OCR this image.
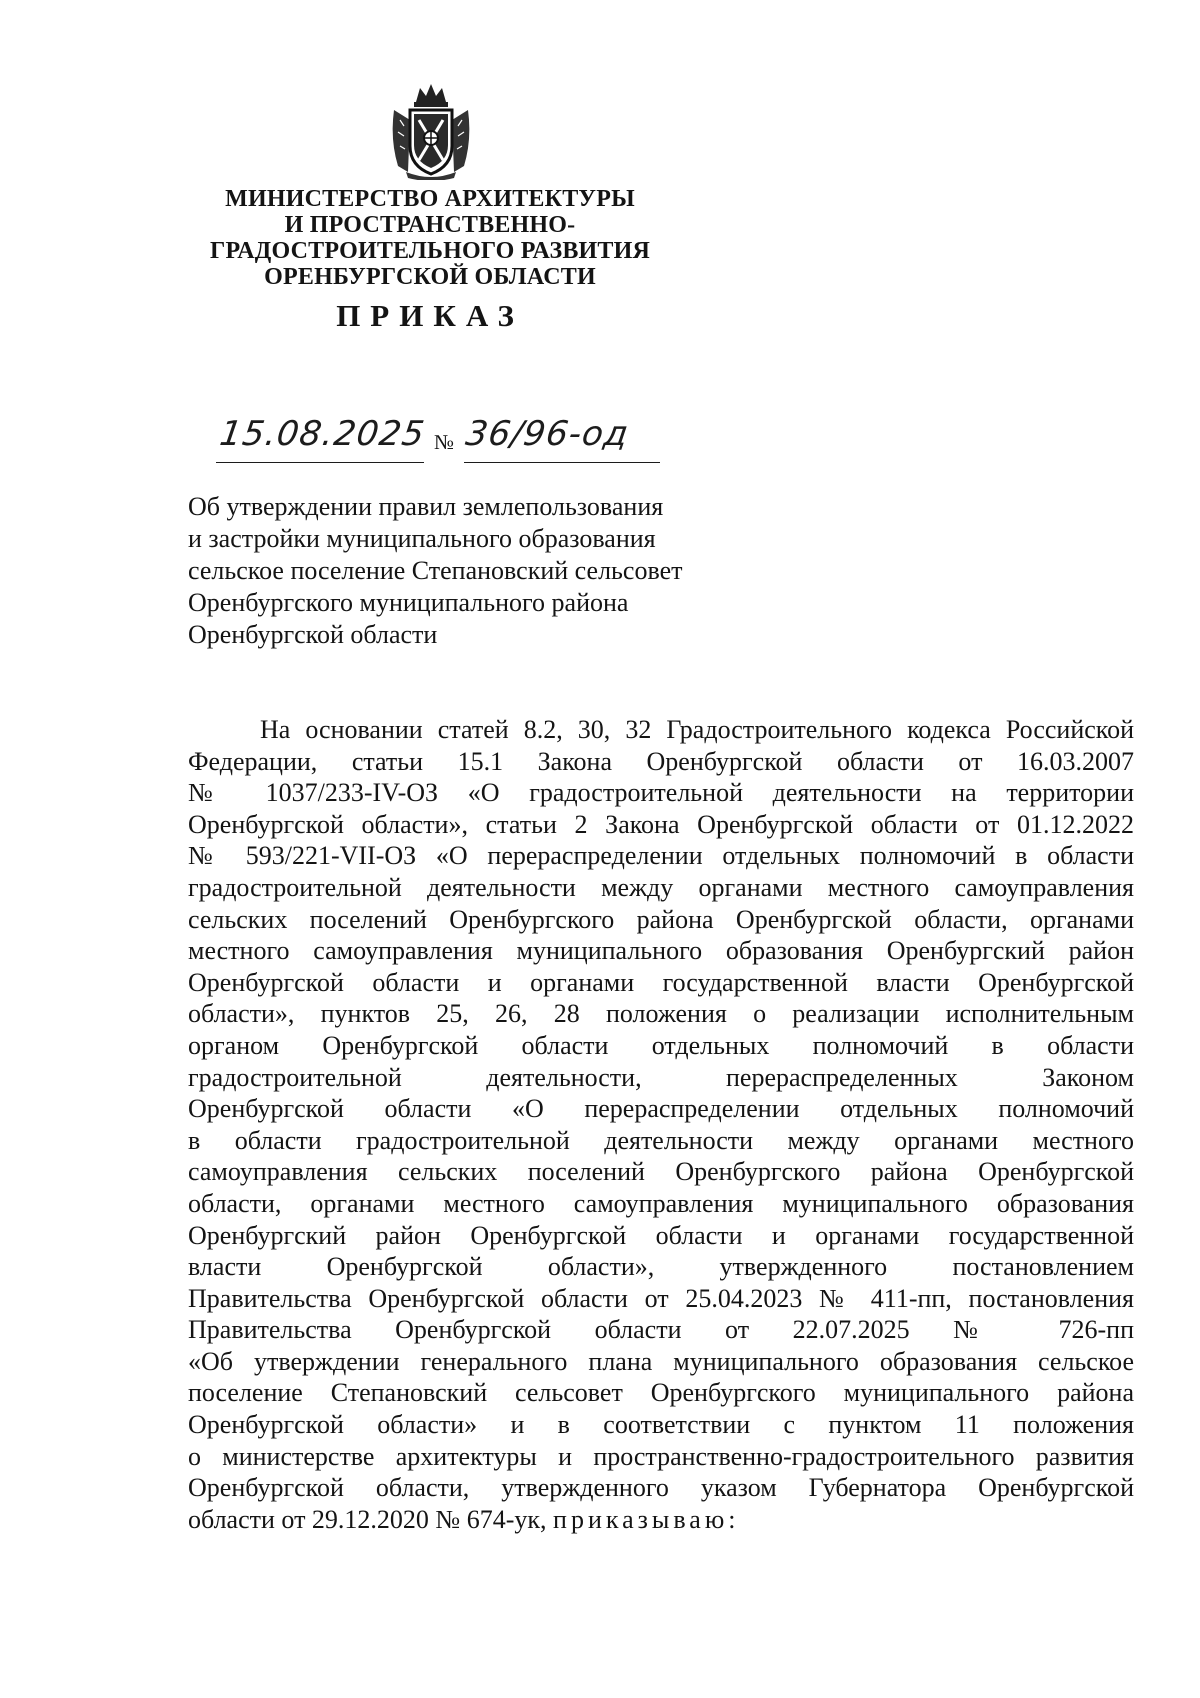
МИНИСТЕРСТВО АРХИТЕКТУРЫ
И ПРОСТРАНСТВЕННО-
ГРАДОСТРОИТЕЛЬНОГО РАЗВИТИЯ
ОРЕНБУРГСКОЙ ОБЛАСТИ
ПРИКАЗ
15.08.2025 № 36/96-од
Об утверждении правил землепользования
и застройки муниципального образования
сельское поселение Степановский сельсовет
Оренбургского муниципального района
Оренбургской области
На основании статей 8.2, 30, 32 Градостроительного кодекса Российской
Федерации, статьи 15.1 Закона Оренбургской области от 16.03.2007
№ 1037/233-IV-ОЗ «О градостроительной деятельности на территории
Оренбургской области», статьи 2 Закона Оренбургской области от 01.12.2022
№ 593/221-VII-ОЗ «О перераспределении отдельных полномочий в области
градостроительной деятельности между органами местного самоуправления
сельских поселений Оренбургского района Оренбургской области, органами
местного самоуправления муниципального образования Оренбургский район
Оренбургской области и органами государственной власти Оренбургской
области», пунктов 25, 26, 28 положения о реализации исполнительным
органом Оренбургской области отдельных полномочий в области
градостроительной деятельности, перераспределенных Законом
Оренбургской области «О перераспределении отдельных полномочий
в области градостроительной деятельности между органами местного
самоуправления сельских поселений Оренбургского района Оренбургской
области, органами местного самоуправления муниципального образования
Оренбургский район Оренбургской области и органами государственной
власти Оренбургской области», утвержденного постановлением
Правительства Оренбургской области от 25.04.2023 № 411-пп, постановления
Правительства Оренбургской области от 22.07.2025 № 726-пп
«Об утверждении генерального плана муниципального образования сельское
поселение Степановский сельсовет Оренбургского муниципального района
Оренбургской области» и в соответствии с пунктом 11 положения
о министерстве архитектуры и пространственно-градостроительного развития
Оренбургской области, утвержденного указом Губернатора Оренбургской
области от 29.12.2020 № 674-ук, приказываю:
